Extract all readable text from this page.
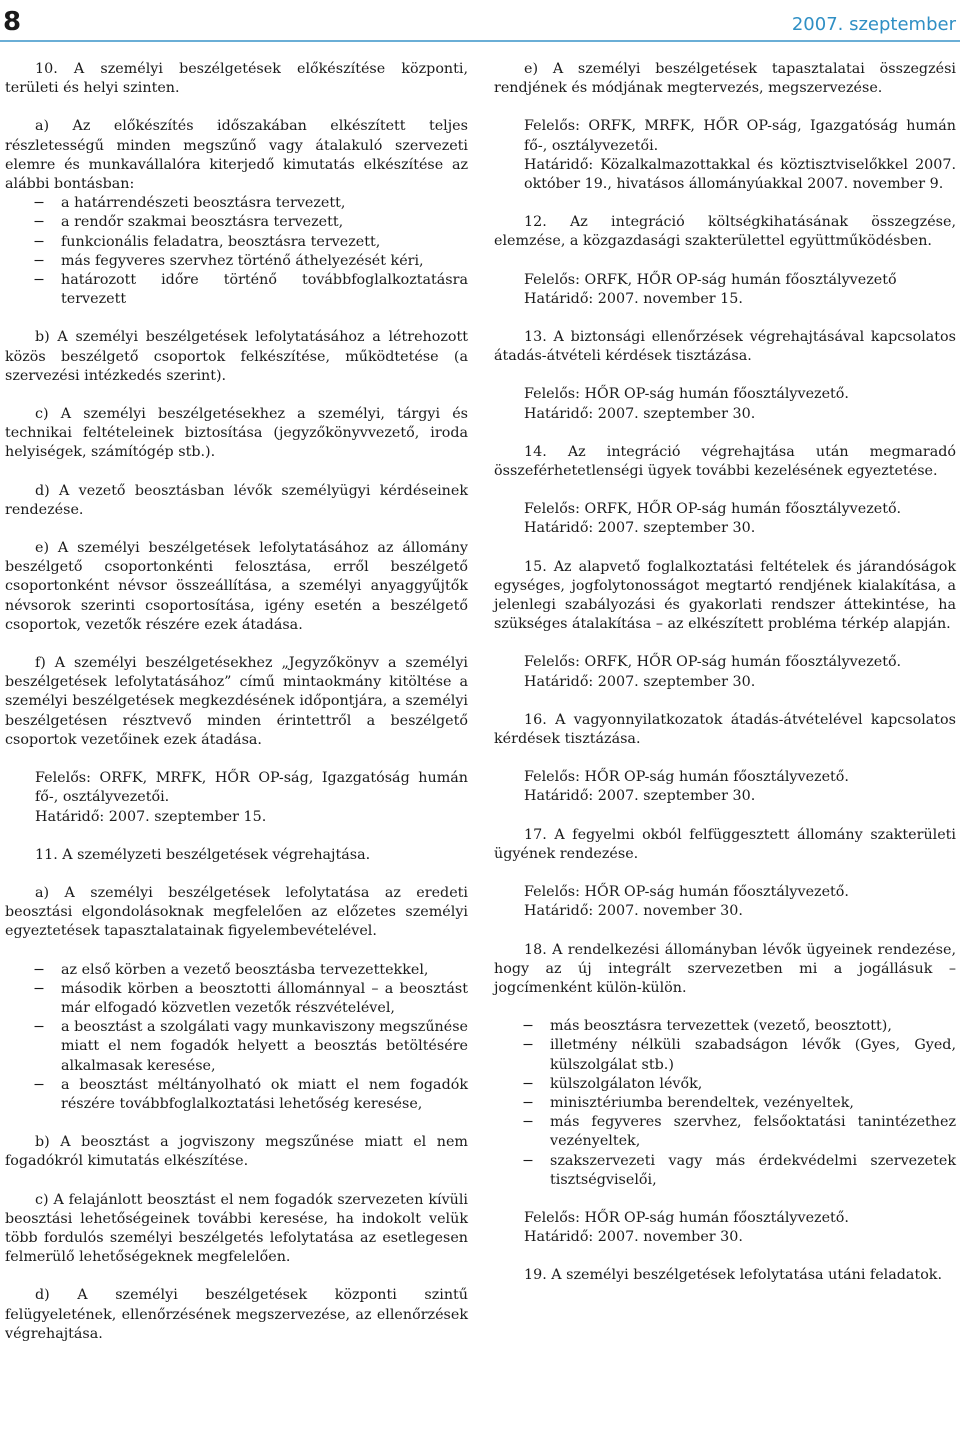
8	2007. szeptember

10. A személyi beszélgetések előkészítése központi, területi és helyi szinten.

a) Az előkészítés időszakában elkészített teljes részletességű minden megszűnő vagy átalakuló szervezeti elemre és munkavállalóra kiterjedő kimutatás elkészítése az alábbi bontásban:

− a határrendészeti beosztásra tervezett,
− a rendőr szakmai beosztásra tervezett,
− funkcionális feladatra, beosztásra tervezett,
− más fegyveres szervhez történő áthelyezését kéri,
− határozott időre történő továbbfoglalkoztatásra tervezett

b) A személyi beszélgetések lefolytatásához a létrehozott közös beszélgető csoportok felkészítése, működtetése (a szervezési intézkedés szerint).

c) A személyi beszélgetésekhez a személyi, tárgyi és technikai feltételeinek biztosítása (jegyzőkönyvvezető, iroda helyiségek, számítógép stb.).

d) A vezető beosztásban lévők személyügyi kérdéseinek rendezése.

e) A személyi beszélgetések lefolytatásához az állomány beszélgető csoportonkénti felosztása, erről beszélgető csoportonként névsor összeállítása, a személyi anyaggyűjtők névsorok szerinti csoportosítása, igény esetén a beszélgető csoportok, vezetők részére ezek átadása.

f) A személyi beszélgetésekhez „Jegyzőkönyv a személyi beszélgetések lefolytatásához” című mintaokmány kitöltése a személyi beszélgetések megkezdésének időpontjára, a személyi beszélgetésen résztvevő minden érintettről a beszélgető csoportok vezetőinek ezek átadása.

Felelős: ORFK, MRFK, HŐR OP-ság, Igazgatóság humán fő-, osztályvezetői.

Határidő: 2007. szeptember 15.

11. A személyzeti beszélgetések végrehajtása.

a) A személyi beszélgetések lefolytatása az eredeti beosztási elgondolásoknak megfelelően az előzetes személyi egyeztetések tapasztalatainak figyelembevételével.

− az első körben a vezető beosztásba tervezettekkel,
− második körben a beosztotti állománnyal – a beosztást már elfogadó közvetlen vezetők részvételével,
− a beosztást a szolgálati vagy munkaviszony megszűnése miatt el nem fogadók helyett a beosztás betöltésére alkalmasak keresése,
− a beosztást méltányolható ok miatt el nem fogadók részére továbbfoglalkoztatási lehetőség keresése,

b) A beosztást a jogviszony megszűnése miatt el nem fogadókról kimutatás elkészítése.

c) A felajánlott beosztást el nem fogadók szervezeten kívüli beosztási lehetőségeinek további keresése, ha indokolt velük több fordulós személyi beszélgetés lefolytatása az esetlegesen felmerülő lehetőségeknek megfelelően.

d) A személyi beszélgetések központi szintű felügyeletének, ellenőrzésének megszervezése, az ellenőrzések végrehajtása.

e) A személyi beszélgetések tapasztalatai összegzési rendjének és módjának megtervezés, megszervezése.

Felelős: ORFK, MRFK, HŐR OP-ság, Igazgatóság humán fő-, osztályvezetői.

Határidő: Közalkalmazottakkal és köztisztviselőkkel 2007. október 19., hivatásos állományúakkal 2007. november 9.

12. Az integráció költségkihatásának összegzése, elemzése, a közgazdasági szakterülettel együttműködésben.

Felelős: ORFK, HŐR OP-ság humán főosztályvezető

Határidő: 2007. november 15.

13. A biztonsági ellenőrzések végrehajtásával kapcsolatos átadás-átvételi kérdések tisztázása.

Felelős: HŐR OP-ság humán főosztályvezető.

Határidő: 2007. szeptember 30.

14. Az integráció végrehajtása után megmaradó összeférhetetlenségi ügyek további kezelésének egyeztetése.

Felelős: ORFK, HŐR OP-ság humán főosztályvezető.

Határidő: 2007. szeptember 30.

15. Az alapvető foglalkoztatási feltételek és járandóságok egységes, jogfolytonosságot megtartó rendjének kialakítása, a jelenlegi szabályozási és gyakorlati rendszer áttekintése, ha szükséges átalakítása – az elkészített probléma térkép alapján.

Felelős: ORFK, HŐR OP-ság humán főosztályvezető.

Határidő: 2007. szeptember 30.

16. A vagyonnyilatkozatok átadás-átvételével kapcsolatos kérdések tisztázása.

Felelős: HŐR OP-ság humán főosztályvezető.

Határidő: 2007. szeptember 30.

17. A fegyelmi okból felfüggesztett állomány szakterületi ügyének rendezése.

Felelős: HŐR OP-ság humán főosztályvezető.

Határidő: 2007. november 30.

18. A rendelkezési állományban lévők ügyeinek rendezése, hogy az új integrált szervezetben mi a jogállásuk – jogcímenként külön-külön.

− más beosztásra tervezettek (vezető, beosztott),
− illetmény nélküli szabadságon lévők (Gyes, Gyed, külszolgálat stb.)
− külszolgálaton lévők,
− minisztériumba berendeltek, vezényeltek,
− más fegyveres szervhez, felsőoktatási tanintézethez vezényeltek,
− szakszervezeti vagy más érdekvédelmi szervezetek tisztségviselői,

Felelős: HŐR OP-ság humán főosztályvezető.

Határidő: 2007. november 30.

19. A személyi beszélgetések lefolytatása utáni feladatok.
